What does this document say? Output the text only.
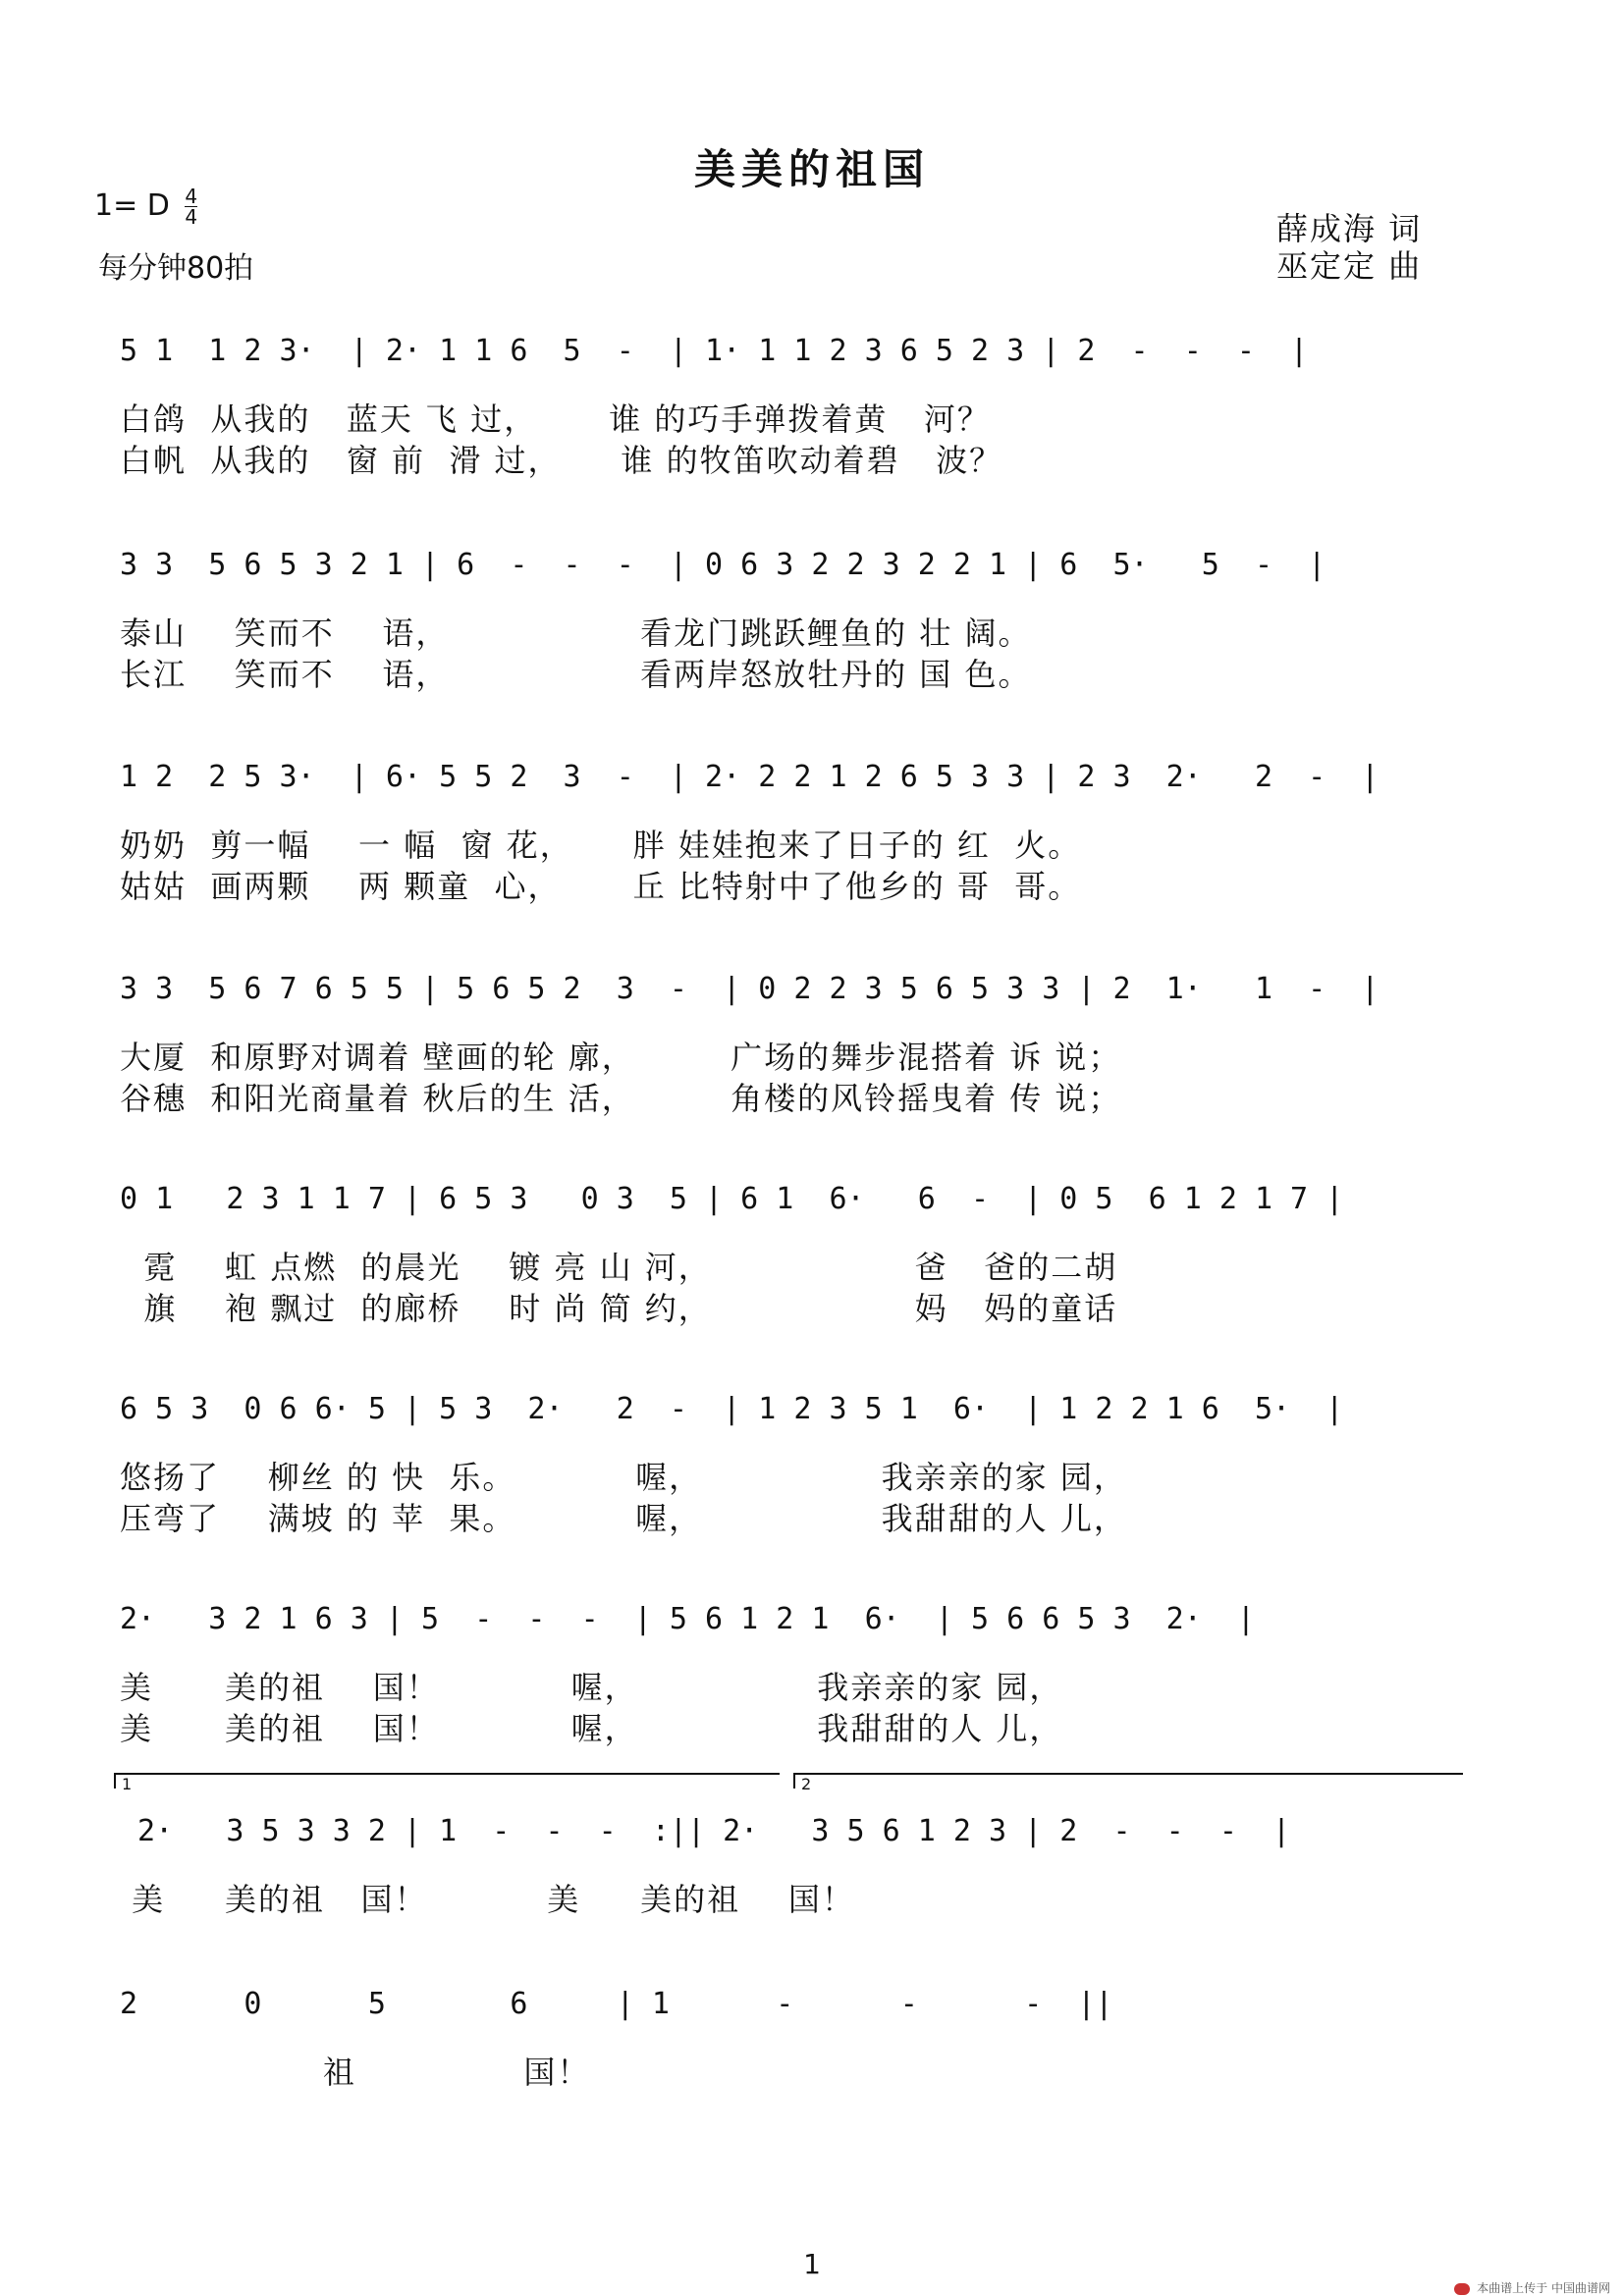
美美的祖国
1= D $\frac{4}{4}$
每分钟80拍
薛成海 词
巫定定 曲
5 1  1 2 3·  | 2· 1 1 6  5  -  | 1· 1 1 2 3 6 5 2 3 | 2  -  -  -  |
白鸽  从我的   蓝天 飞 过，      谁 的巧手弹拨着黄   河？
白帆  从我的   窗 前  滑 过，     谁 的牧笛吹动着碧   波？
3 3  5 6 5 3 2 1 | 6  -  -  -  | 0 6 3 2 2 3 2 2 1 | 6  5·   5  -  |
泰山    笑而不    语，                看龙门跳跃鲤鱼的 壮 阔。
长江    笑而不    语，                看两岸怒放牡丹的 国 色。
1 2  2 5 3·  | 6· 5 5 2  3  -  | 2· 2 2 1 2 6 5 3 3 | 2 3  2·   2  -  |
奶奶  剪一幅    一 幅  窗 花，     胖 娃娃抱来了日子的 红  火。
姑姑  画两颗    两 颗童  心，      丘 比特射中了他乡的 哥  哥。
3 3  5 6 7 6 5 5 | 5 6 5 2  3  -  | 0 2 2 3 5 6 5 3 3 | 2  1·   1  -  |
大厦  和原野对调着 壁画的轮 廓，        广场的舞步混搭着 诉 说；
谷穗  和阳光商量着 秋后的生 活，        角楼的风铃摇曳着 传 说；
0 1   2 3 1 1 7 | 6 5 3   0 3  5 | 6 1  6·   6  -  | 0 5  6 1 2 1 7 |
霓    虹 点燃  的晨光    镀 亮 山 河，                 爸   爸的二胡
旗    袍 飘过  的廊桥    时 尚 简 约，                 妈   妈的童话
6 5 3  0 6 6· 5 | 5 3  2·   2  -  | 1 2 3 5 1  6·  | 1 2 2 1 6  5·  |
悠扬了    柳丝 的 快  乐。          喔，               我亲亲的家 园，
压弯了    满坡 的 苹  果。          喔，               我甜甜的人 儿，
2·   3 2 1 6 3 | 5  -  -  -  | 5 6 1 2 1  6·  | 5 6 6 5 3  2·  |
美      美的祖    国！           喔，               我亲亲的家 园，
美      美的祖    国！           喔，               我甜甜的人 儿，
1	2
2·   3 5 3 3 2 | 1  -  -  -  :|| 2·   3 5 6 1 2 3 | 2  -  -  -  |
美     美的祖   国！          美     美的祖    国！
2      0      5       6     | 1      -      -      -  ||
祖              国！
1
本曲谱上传于 中国曲谱网
